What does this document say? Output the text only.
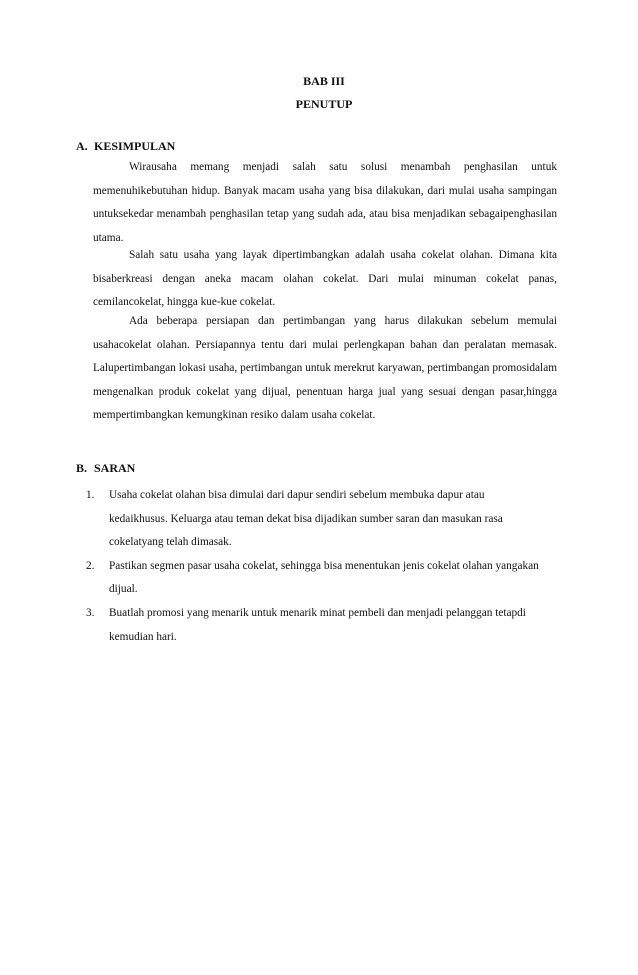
BAB III
PENUTUP
A. KESIMPULAN

Wirausaha memang menjadi salah satu solusi menambah penghasilan untuk memenuhikebutuhan hidup. Banyak macam usaha yang bisa dilakukan, dari mulai usaha sampingan untuksekedar menambah penghasilan tetap yang sudah ada, atau bisa menjadikan sebagaipenghasilan utama.

Salah satu usaha yang layak dipertimbangkan adalah usaha cokelat olahan. Dimana kita bisaberkreasi dengan aneka macam olahan cokelat. Dari mulai minuman cokelat panas, cemilancokelat, hingga kue-kue cokelat.

Ada beberapa persiapan dan pertimbangan yang harus dilakukan sebelum memulai usahacokelat olahan. Persiapannya tentu dari mulai perlengkapan bahan dan peralatan memasak. Lalupertimbangan lokasi usaha, pertimbangan untuk merekrut karyawan, pertimbangan promosidalam mengenalkan produk cokelat yang dijual, penentuan harga jual yang sesuai dengan pasar,hingga mempertimbangkan kemungkinan resiko dalam usaha cokelat.

B. SARAN
1. Usaha cokelat olahan bisa dimulai dari dapur sendiri sebelum membuka dapur atau kedaikhusus. Keluarga atau teman dekat bisa dijadikan sumber saran dan masukan rasa cokelatyang telah dimasak.
2. Pastikan segmen pasar usaha cokelat, sehingga bisa menentukan jenis cokelat olahan yangakan dijual.
3. Buatlah promosi yang menarik untuk menarik minat pembeli dan menjadi pelanggan tetapdi kemudian hari.
